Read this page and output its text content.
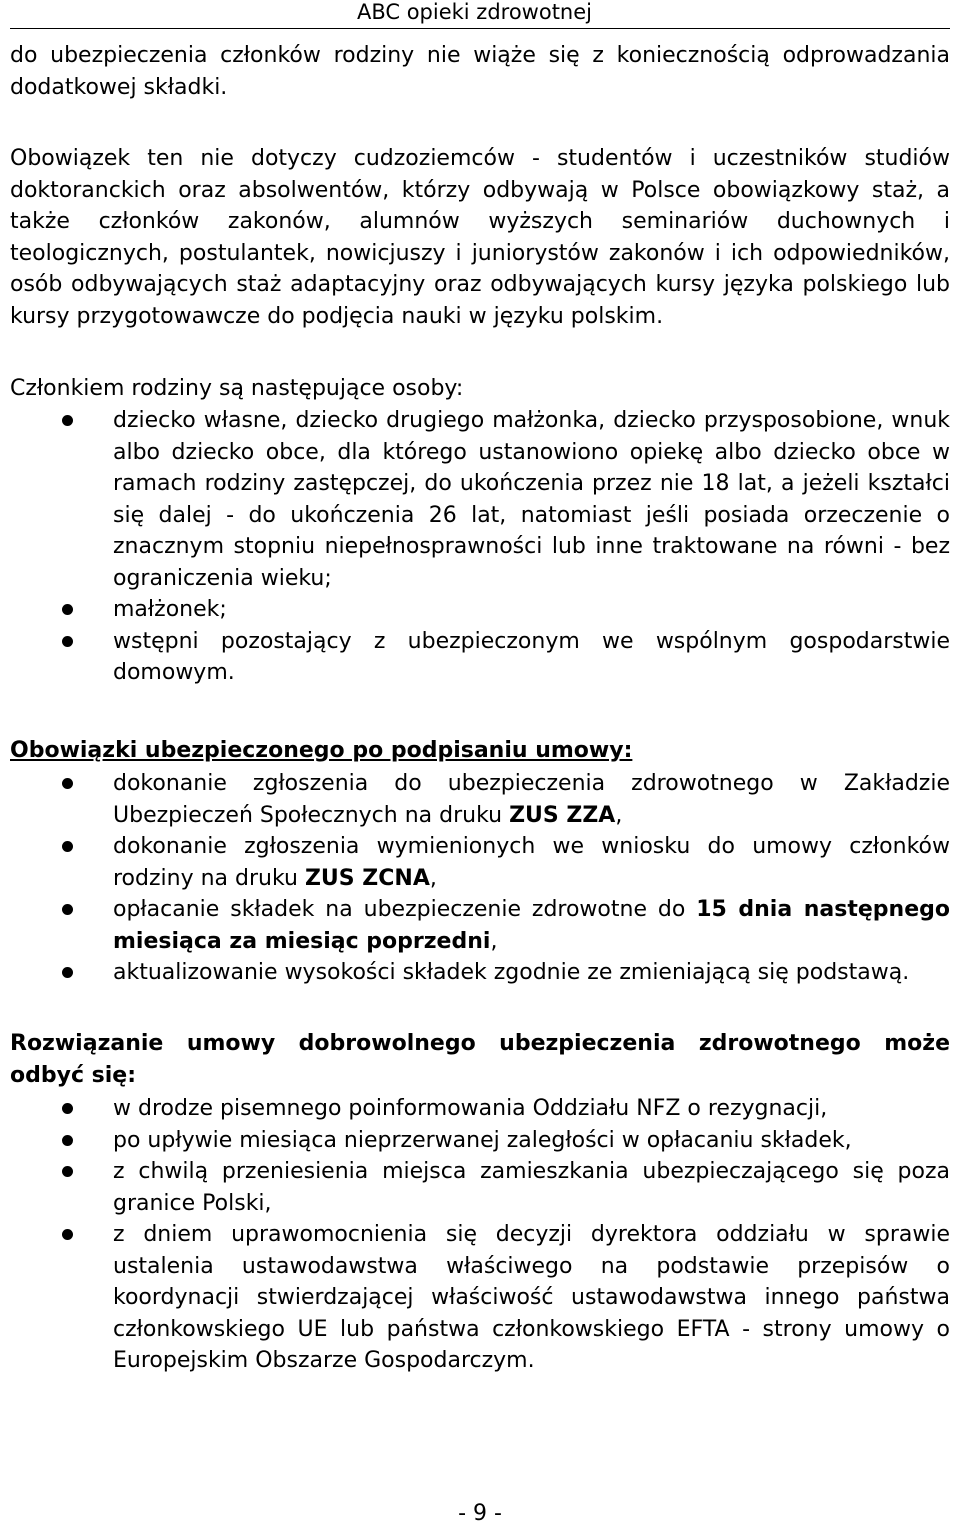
ABC opieki zdrowotnej
do ubezpieczenia członków rodziny nie wiąże się z koniecznością odprowadzania dodatkowej składki.
Obowiązek ten nie dotyczy cudzoziemców - studentów i uczestników studiów doktoranckich oraz absolwentów, którzy odbywają w Polsce obowiązkowy staż, a także członków zakonów, alumnów wyższych seminariów duchownych i teologicznych, postulantek, nowicjuszy i juniorystów zakonów i ich odpowiedników, osób odbywających staż adaptacyjny oraz odbywających kursy języka polskiego lub kursy przygotowawcze do podjęcia nauki w języku polskim.
Członkiem rodziny są następujące osoby:
dziecko własne, dziecko drugiego małżonka, dziecko przysposobione, wnuk albo dziecko obce, dla którego ustanowiono opiekę albo dziecko obce w ramach rodziny zastępczej, do ukończenia przez nie 18 lat, a jeżeli kształci się dalej - do ukończenia 26 lat, natomiast jeśli posiada orzeczenie o znacznym stopniu niepełnosprawności lub inne traktowane na równi - bez ograniczenia wieku;
małżonek;
wstępni pozostający z ubezpieczonym we wspólnym gospodarstwie domowym.
Obowiązki ubezpieczonego po podpisaniu umowy:
dokonanie zgłoszenia do ubezpieczenia zdrowotnego w Zakładzie Ubezpieczeń Społecznych na druku ZUS ZZA,
dokonanie zgłoszenia wymienionych we wniosku do umowy członków rodziny na druku ZUS ZCNA,
opłacanie składek na ubezpieczenie zdrowotne do 15 dnia następnego miesiąca za miesiąc poprzedni,
aktualizowanie wysokości składek zgodnie ze zmieniającą się podstawą.
Rozwiązanie umowy dobrowolnego ubezpieczenia zdrowotnego może odbyć się:
w drodze pisemnego poinformowania Oddziału NFZ o rezygnacji,
po upływie miesiąca nieprzerwanej zaległości w opłacaniu składek,
z chwilą przeniesienia miejsca zamieszkania ubezpieczającego się poza granice Polski,
z dniem uprawomocnienia się decyzji dyrektora oddziału w sprawie ustalenia ustawodawstwa właściwego na podstawie przepisów o koordynacji stwierdzającej właściwość ustawodawstwa innego państwa członkowskiego UE lub państwa członkowskiego EFTA - strony umowy o Europejskim Obszarze Gospodarczym.
- 9 -
